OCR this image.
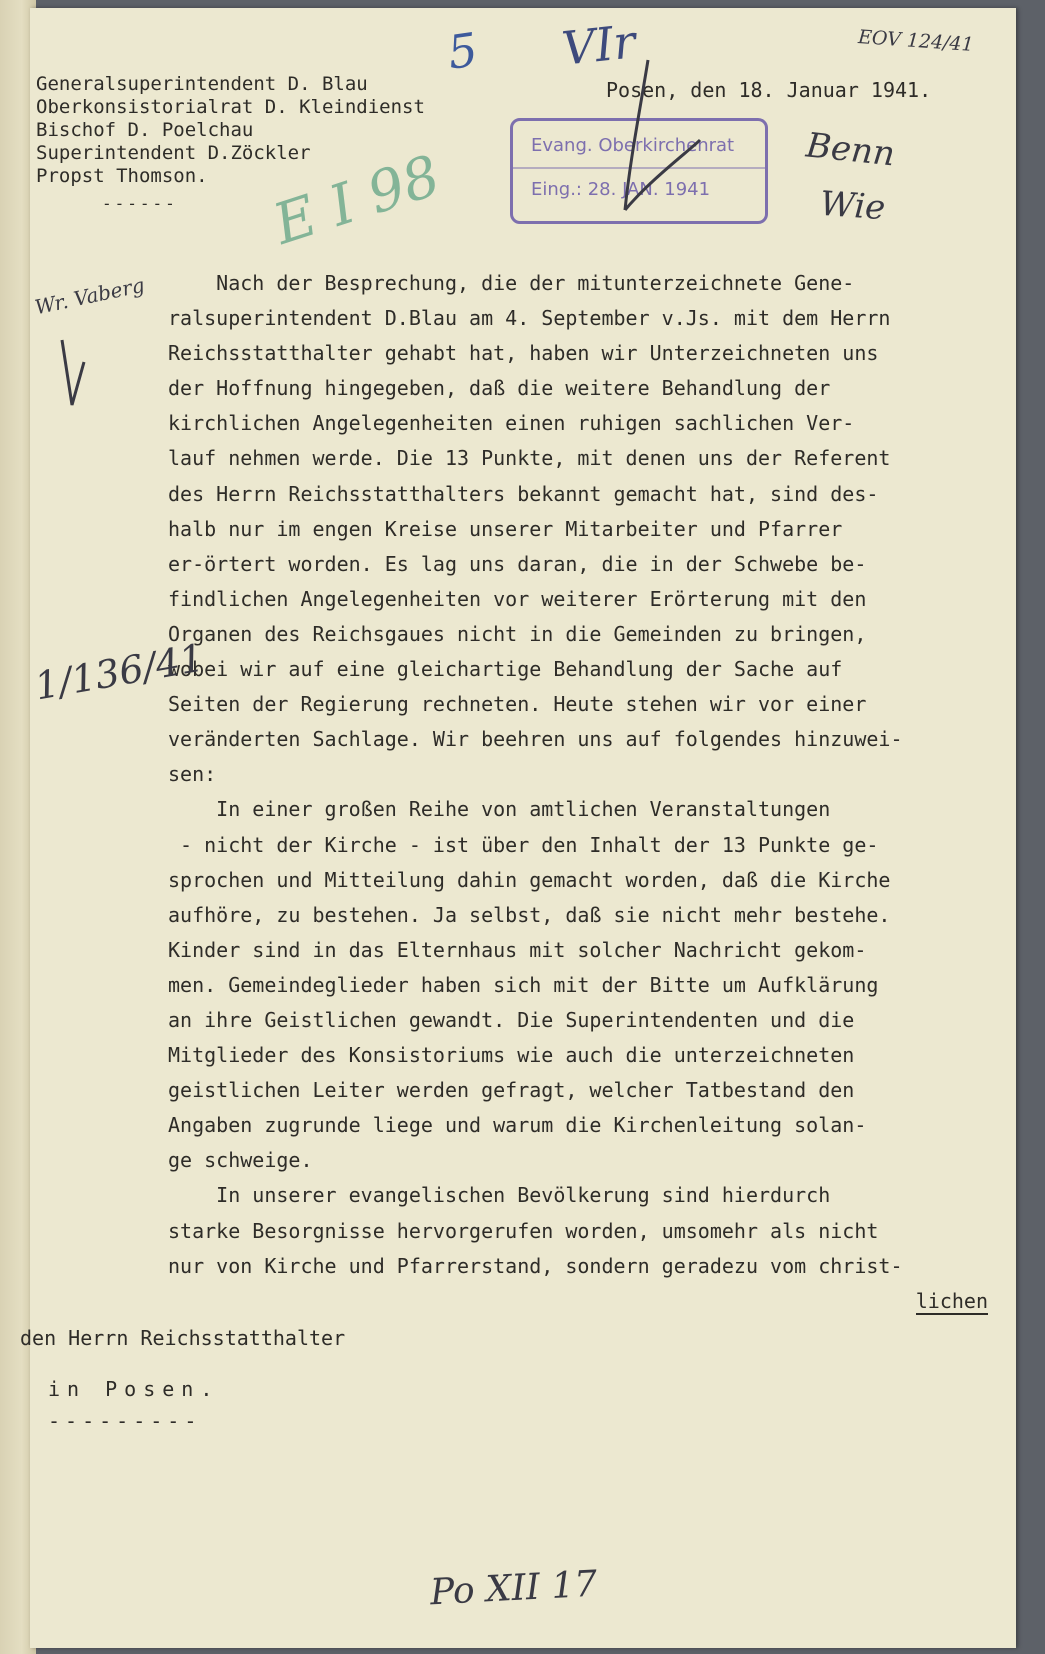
Generalsuperintendent D. Blau
Oberkonsistorialrat D. Kleindienst
Bischof D. Poelchau
Superintendent D.Zöckler
Propst Thomson.
------
Posen, den 18. Januar 1941.
EOV 124/41
Evang. Oberkirchenrat
Eing.: 28. JAN. 1941
Nach der Besprechung, die der mitunterzeichnete Gene-
ralsuperintendent D.Blau am 4. September v.Js. mit dem Herrn
Reichsstatthalter gehabt hat, haben wir Unterzeichneten uns
der Hoffnung hingegeben, daß die weitere Behandlung der
kirchlichen Angelegenheiten einen ruhigen sachlichen Ver-
lauf nehmen werde. Die 13 Punkte, mit denen uns der Referent
des Herrn Reichsstatthalters bekannt gemacht hat, sind des-
halb nur im engen Kreise unserer Mitarbeiter und Pfarrer
er-örtert worden. Es lag uns daran, die in der Schwebe be-
findlichen Angelegenheiten vor weiterer Erörterung mit den
Organen des Reichsgaues nicht in die Gemeinden zu bringen,
wobei wir auf eine gleichartige Behandlung der Sache auf
Seiten der Regierung rechneten. Heute stehen wir vor einer
veränderten Sachlage. Wir beehren uns auf folgendes hinzuwei-
sen:
In einer großen Reihe von amtlichen Veranstaltungen
- nicht der Kirche - ist über den Inhalt der 13 Punkte ge-
sprochen und Mitteilung dahin gemacht worden, daß die Kirche
aufhöre, zu bestehen. Ja selbst, daß sie nicht mehr bestehe.
Kinder sind in das Elternhaus mit solcher Nachricht gekom-
men. Gemeindeglieder haben sich mit der Bitte um Aufklärung
an ihre Geistlichen gewandt. Die Superintendenten und die
Mitglieder des Konsistoriums wie auch die unterzeichneten
geistlichen Leiter werden gefragt, welcher Tatbestand den
Angaben zugrunde liege und warum die Kirchenleitung solan-
ge schweige.
In unserer evangelischen Bevölkerung sind hierdurch
starke Besorgnisse hervorgerufen worden, umsomehr als nicht
nur von Kirche und Pfarrerstand, sondern geradezu vom christ-
lichen
den Herrn Reichsstatthalter
in Posen.
---------
5 VIr
Benn
Wie
Wr. Vaberg
1/136/41
Po XII 17
E I 98
